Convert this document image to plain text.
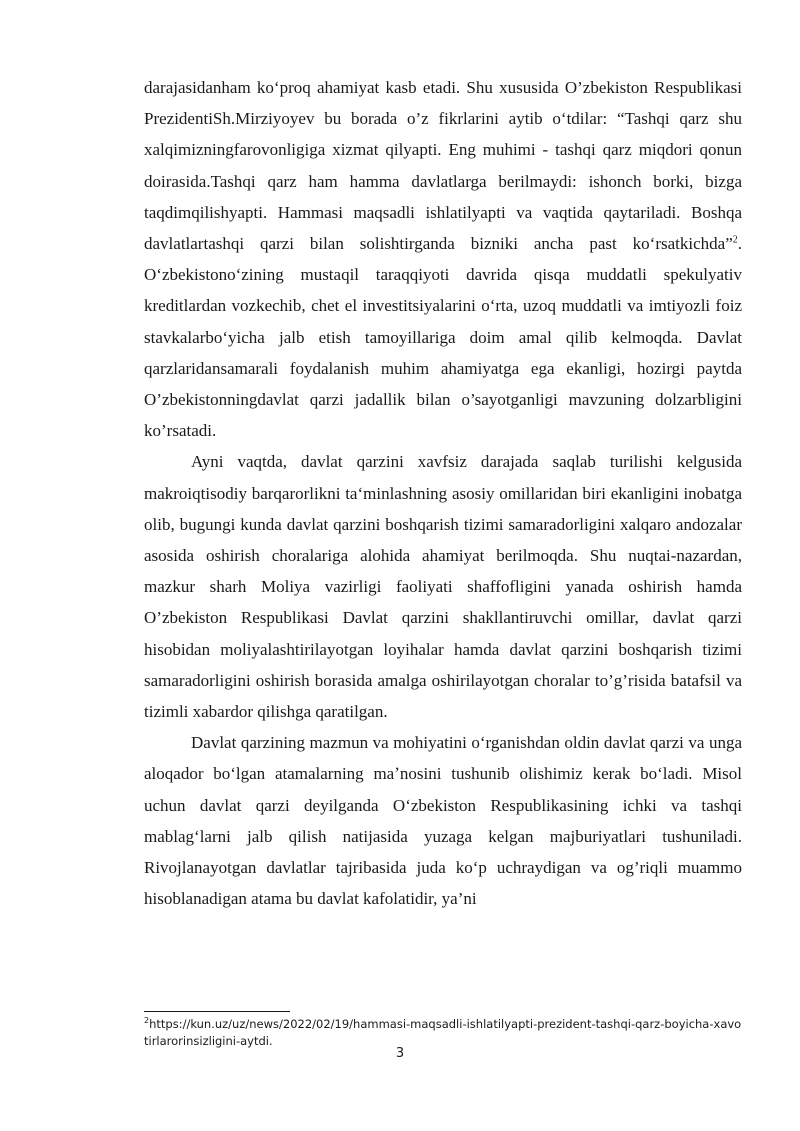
darajasidanham koʻproq ahamiyat kasb etadi. Shu xususida O’zbekiston Respublikasi PrezidentiSh.Mirziyoyev bu borada o’z fikrlarini aytib oʻtdilar: “Tashqi qarz shu xalqimizningfarovonligiga xizmat qilyapti. Eng muhimi - tashqi qarz miqdori qonun doirasida.Tashqi qarz ham hamma davlatlarga berilmaydi: ishonch borki, bizga taqdimqilishyapti. Hammasi maqsadli ishlatilyapti va vaqtida qaytariladi. Boshqa davlatlartashqi qarzi bilan solishtirganda bizniki ancha past koʻrsatkichda”$^2$. Oʻzbekistonoʻzining mustaqil taraqqiyoti davrida qisqa muddatli spekulyativ kreditlardan vozkechib, chet el investitsiyalarini oʻrta, uzoq muddatli va imtiyozli foiz stavkalarboʻyicha jalb etish tamoyillariga doim amal qilib kelmoqda. Davlat qarzlaridansamarali foydalanish muhim ahamiyatga ega ekanligi, hozirgi paytda O’zbekistonningdavlat qarzi jadallik bilan o’sayotganligi mavzuning dolzarbligini ko’rsatadi.

Ayni vaqtda, davlat qarzini xavfsiz darajada saqlab turilishi kelgusida makroiqtisodiy barqarorlikni taʻminlashning asosiy omillaridan biri ekanligini inobatga olib, bugungi kunda davlat qarzini boshqarish tizimi samaradorligini xalqaro andozalar asosida oshirish choralariga alohida ahamiyat berilmoqda. Shu nuqtai-nazardan, mazkur sharh Moliya vazirligi faoliyati shaffofligini yanada oshirish hamda O’zbekiston Respublikasi Davlat qarzini shakllantiruvchi omillar, davlat qarzi hisobidan moliyalashtirilayotgan loyihalar hamda davlat qarzini boshqarish tizimi samaradorligini oshirish borasida amalga oshirilayotgan choralar to’g’risida batafsil va tizimli xabardor qilishga qaratilgan.

Davlat qarzining mazmun va mohiyatini oʻrganishdan oldin davlat qarzi va unga aloqador boʻlgan atamalarning maʼnosini tushunib olishimiz kerak boʻladi. Misol uchun davlat qarzi deyilganda Oʻzbekiston Respublikasining ichki va tashqi mablagʻlarni jalb qilish natijasida yuzaga kelgan majburiyatlari tushuniladi. Rivojlanayotgan davlatlar tajribasida juda koʻp uchraydigan va og’riqli muammo hisoblanadigan atama bu davlat kafolatidir, ya’ni

$^2$https://kun.uz/uz/news/2022/02/19/hammasi-maqsadli-ishlatilyapti-prezident-tashqi-qarz-boyicha-xavotirlarorinsizligini-aytdi.
3
